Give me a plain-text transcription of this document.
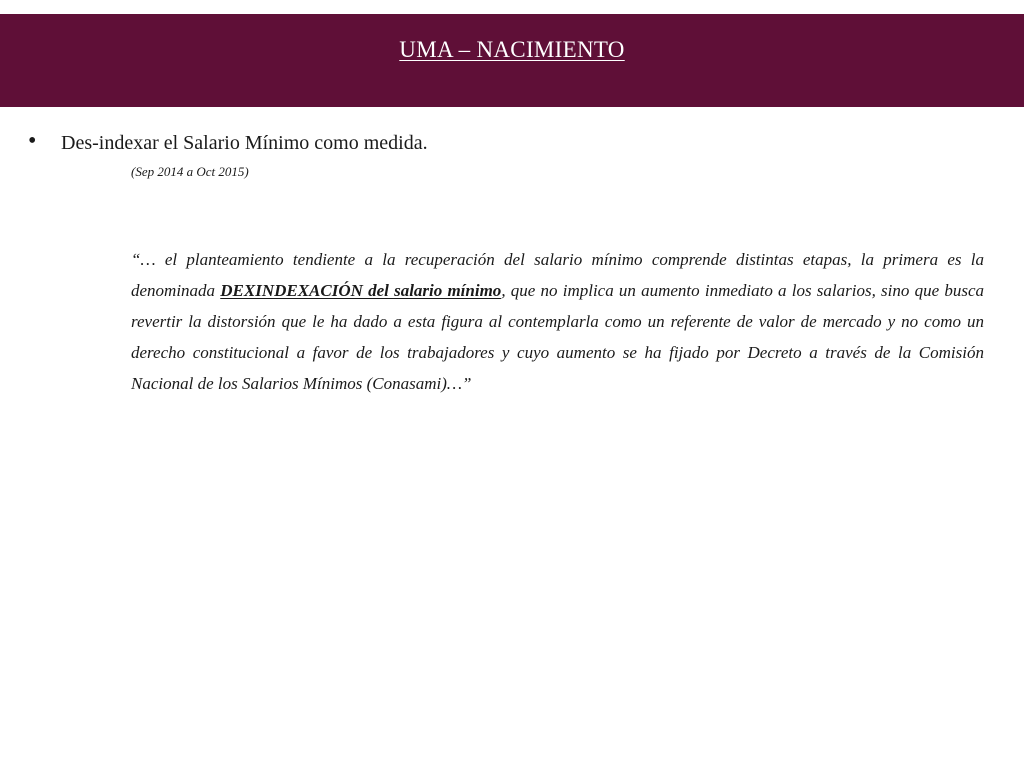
UMA – NACIMIENTO
• Des-indexar el Salario Mínimo como medida.
(Sep 2014 a Oct 2015)

“… el planteamiento tendiente a la recuperación del salario mínimo comprende distintas etapas, la primera es la denominada DEXINDEXACIÓN del salario mínimo, que no implica un aumento inmediato a los salarios, sino que busca revertir la distorsión que le ha dado a esta figura al contemplarla como un referente de valor de mercado y no como un derecho constitucional a favor de los trabajadores y cuyo aumento se ha fijado por Decreto a través de la Comisión Nacional de los Salarios Mínimos (Conasami)…”
